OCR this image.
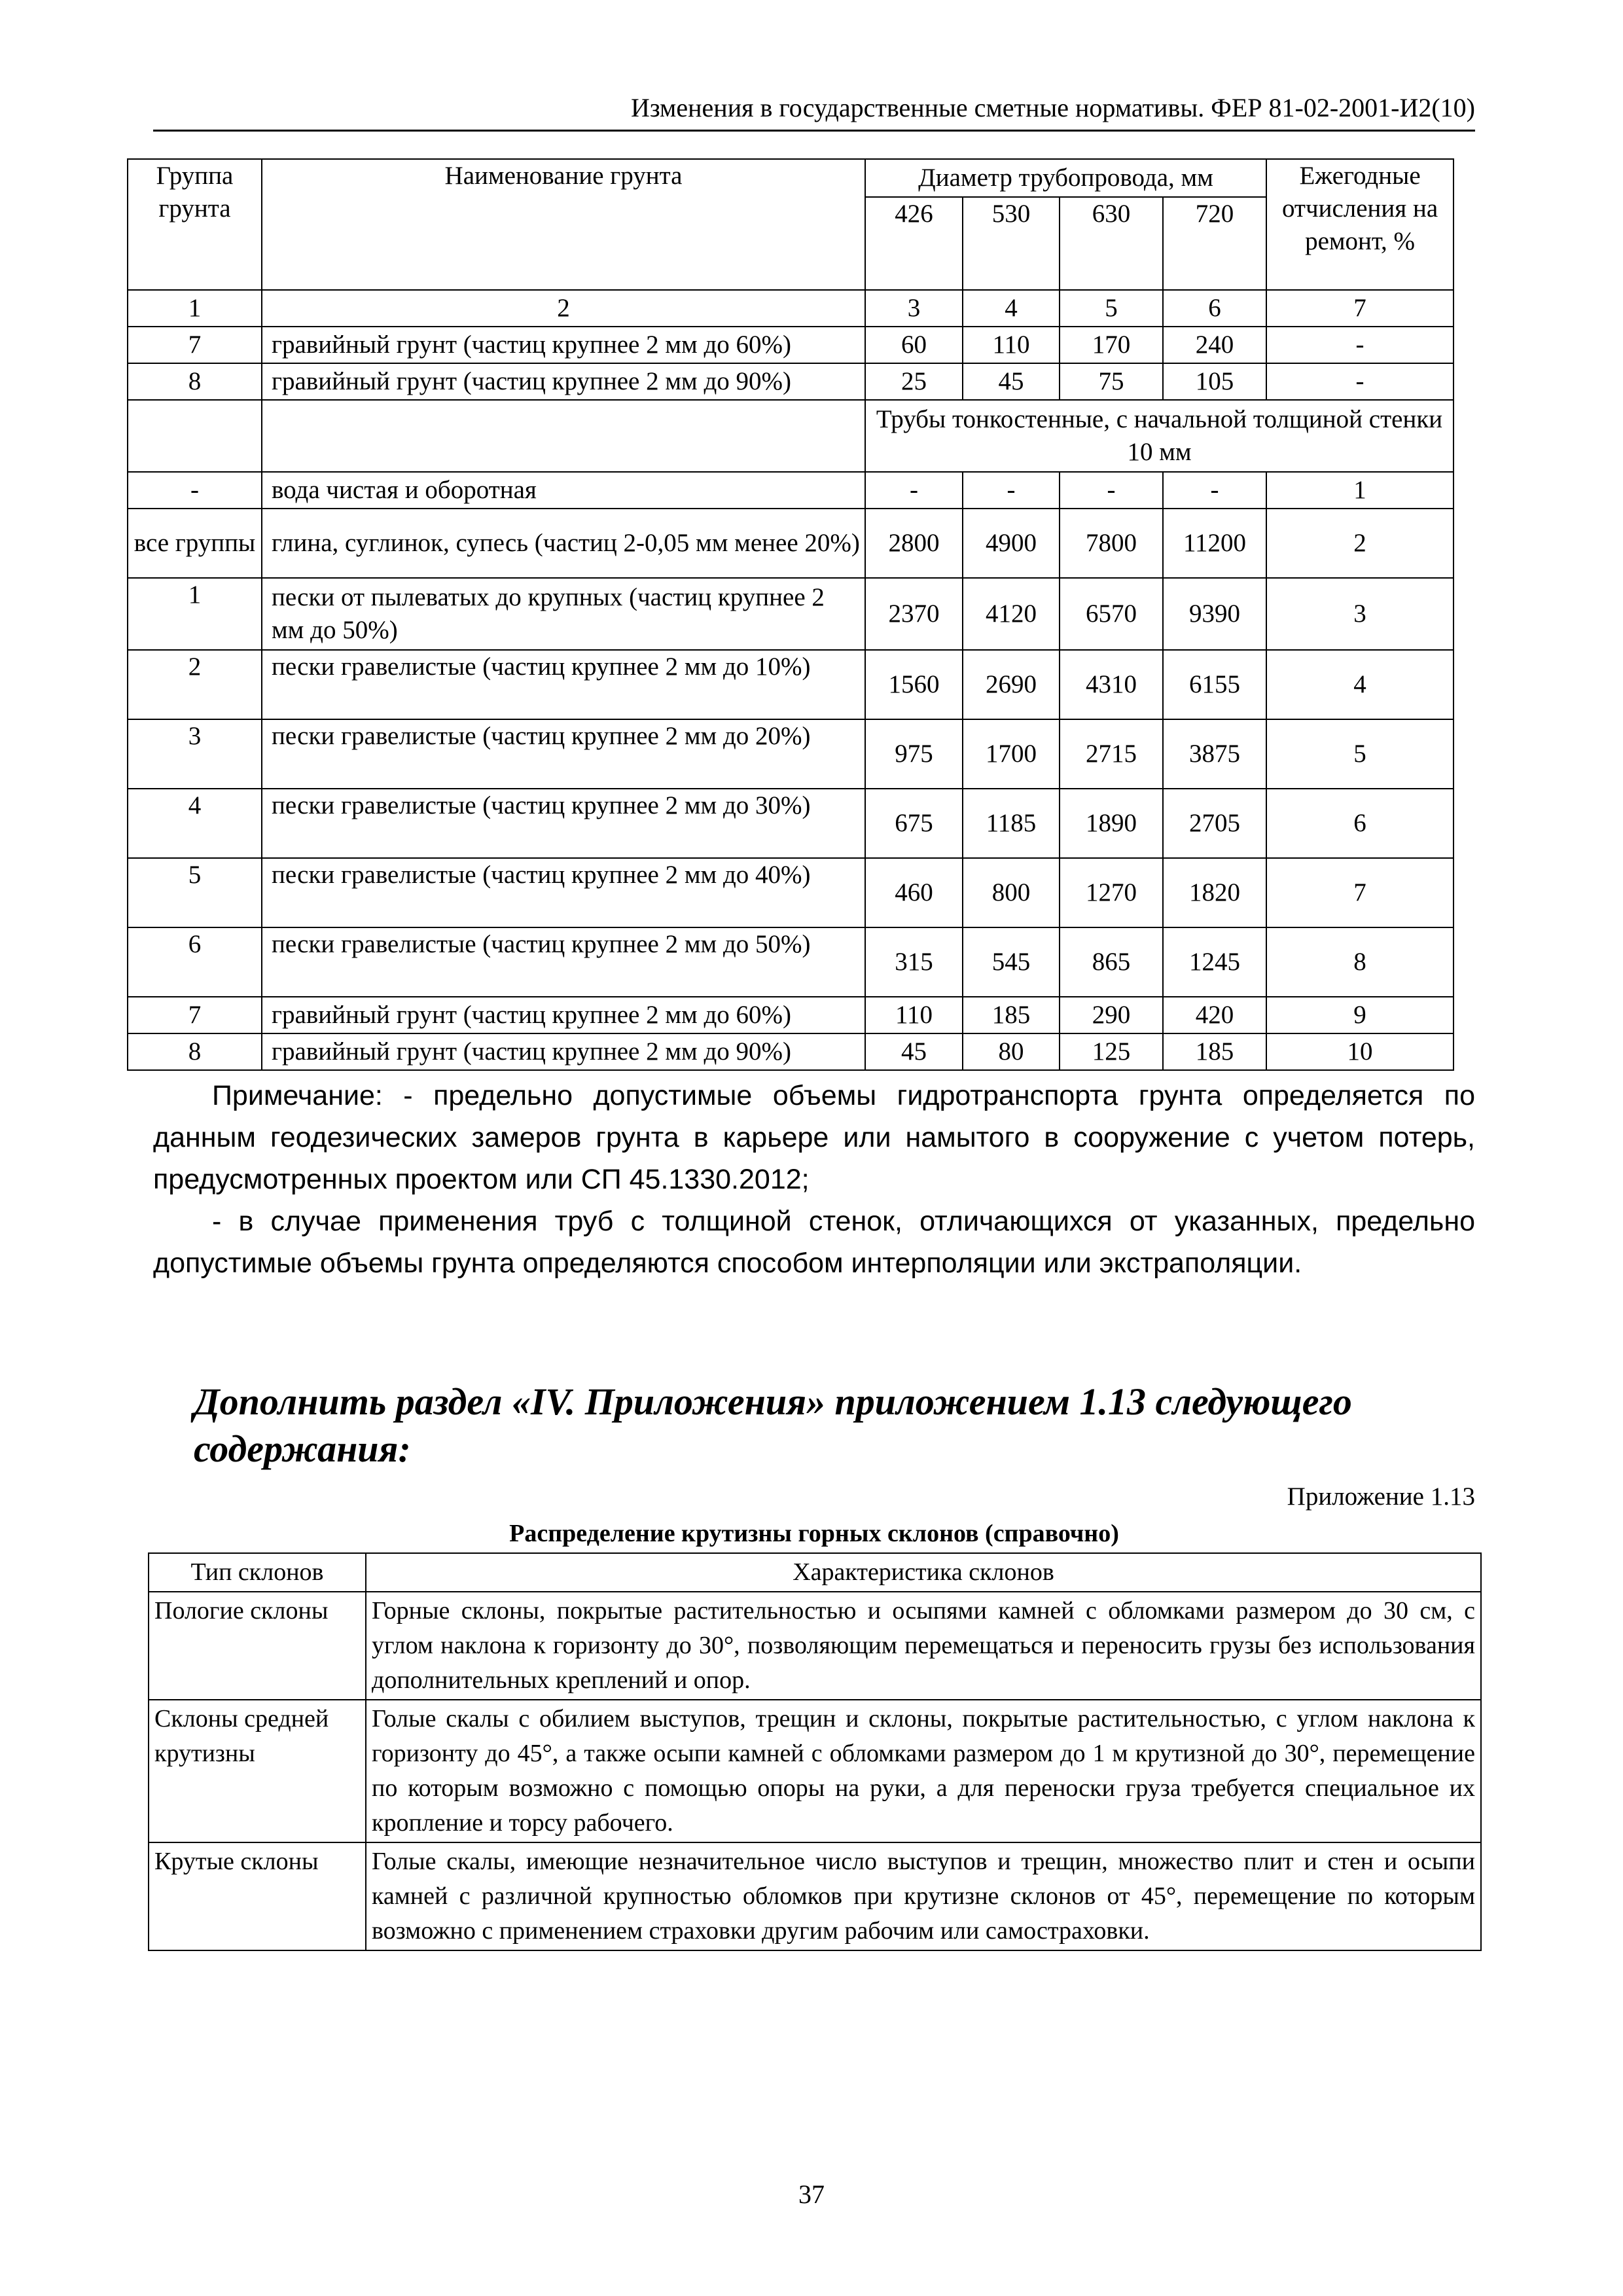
Изменения в государственные сметные нормативы. ФЕР 81-02-2001-И2(10)
Группа грунта	Наименование грунта	Диаметр трубопровода, мм				Ежегодные отчисления на ремонт, %
		426	530	630	720	
1	2	3	4	5	6	7
7	гравийный грунт (частиц крупнее 2 мм до 60%)	60	110	170	240	-
8	гравийный грунт (частиц крупнее 2 мм до 90%)	25	45	75	105	-
		Трубы тонкостенные, с начальной толщиной стенки 10 мм				
-	вода чистая и оборотная	-	-	-	-	1
все группы	глина, суглинок, супесь (частиц 2-0,05 мм менее 20%)	2800	4900	7800	11200	2
1	пески от пылеватых до крупных (частиц крупнее 2 мм до 50%)	2370	4120	6570	9390	3
2	пески гравелистые (частиц крупнее 2 мм до 10%)	1560	2690	4310	6155	4
3	пески гравелистые (частиц крупнее 2 мм до 20%)	975	1700	2715	3875	5
4	пески гравелистые (частиц крупнее 2 мм до 30%)	675	1185	1890	2705	6
5	пески гравелистые (частиц крупнее 2 мм до 40%)	460	800	1270	1820	7
6	пески гравелистые (частиц крупнее 2 мм до 50%)	315	545	865	1245	8
7	гравийный грунт (частиц крупнее 2 мм до 60%)	110	185	290	420	9
8	гравийный грунт (частиц крупнее 2 мм до 90%)	45	80	125	185	10

Примечание: - предельно допустимые объемы гидротранспорта грунта определяется по данным геодезических замеров грунта в карьере или намытого в сооружение с учетом потерь, предусмотренных проектом или СП 45.1330.2012;

- в случае применения труб с толщиной стенок, отличающихся от указанных, предельно допустимые объемы грунта определяются способом интерполяции или экстраполяции.

Дополнить раздел «IV. Приложения» приложением 1.13 следующего содержания:
Приложение 1.13
Распределение крутизны горных склонов (справочно)
Тип склонов	Характеристика склонов
Пологие склоны	Горные склоны, покрытые растительностью и осыпями камней с обломками размером до 30 см, с углом наклона к горизонту до 30°, позволяющим перемещаться и переносить грузы без использования дополнительных креплений и опор.
Склоны средней крутизны	Голые скалы с обилием выступов, трещин и склоны, покрытые растительностью, с углом наклона к горизонту до 45°, а также осыпи камней с обломками размером до 1 м крутизной до 30°, перемещение по которым возможно с помощью опоры на руки, а для переноски груза требуется специальное их кропление и торсу рабочего.
Крутые склоны	Голые скалы, имеющие незначительное число выступов и трещин, множество плит и стен и осыпи камней с различной крупностью обломков при крутизне склонов от 45°, перемещение по которым возможно с применением страховки другим рабочим или самостраховки.
37
